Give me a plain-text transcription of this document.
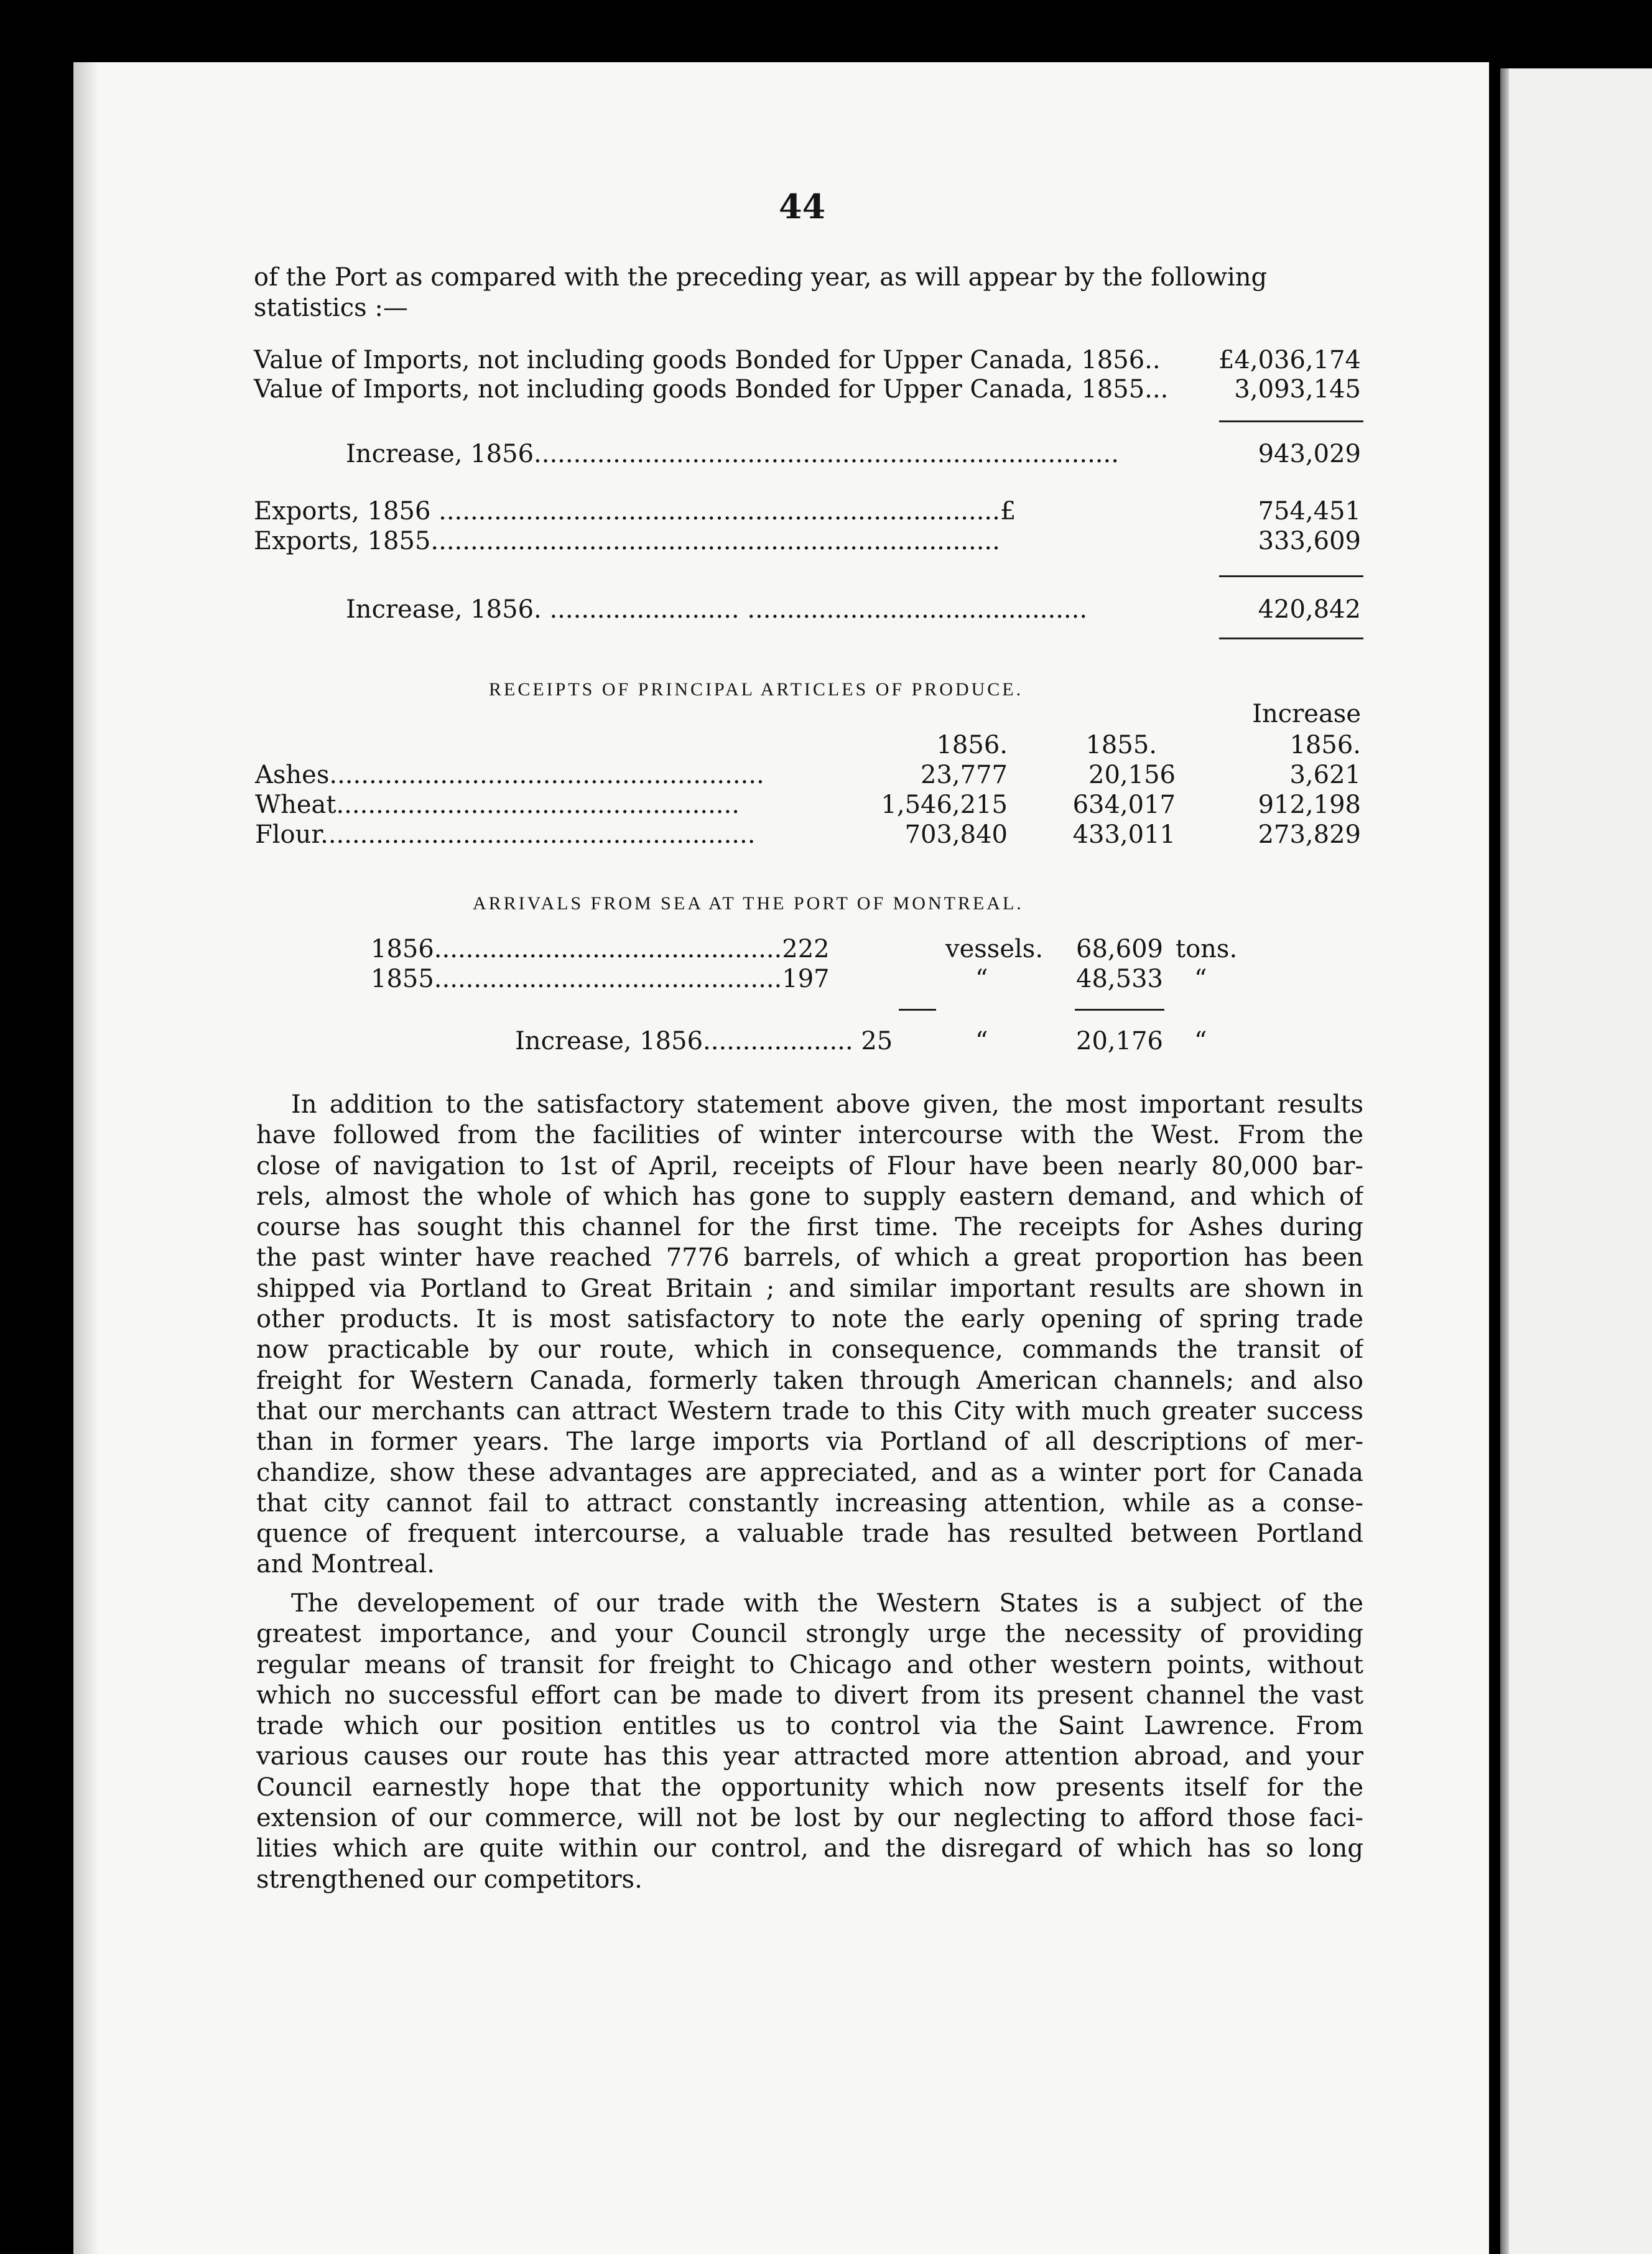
44
of the Port as compared with the preceding year, as will appear by the following
statistics :—
Value of Imports, not including goods Bonded for Upper Canada, 1856..	£4,036,174
Value of Imports, not including goods Bonded for Upper Canada, 1855...	3,093,145
Increase, 1856..........................................................................	943,029
Exports, 1856 .......................................................................£	754,451
Exports, 1855........................................................................	333,609
Increase, 1856. ........................ ...........................................	420,842
RECEIPTS OF PRINCIPAL ARTICLES OF PRODUCE.
Increase
1856.	1855.	1856.
Ashes.......................................................	23,777	20,156	3,621
Wheat...................................................	1,546,215	634,017	912,198
Flour.......................................................	703,840	433,011	273,829
ARRIVALS FROM SEA AT THE PORT OF MONTREAL.
1856............................................222	vessels.	68,609 tons.
1855............................................197	“	48,533 “
Increase, 1856................... 25	“	20,176 “
In addition to the satisfactory statement above given, the most important results
have followed from the facilities of winter intercourse with the West. From the
close of navigation to 1st of April, receipts of Flour have been nearly 80,000 bar-
rels, almost the whole of which has gone to supply eastern demand, and which of
course has sought this channel for the first time. The receipts for Ashes during
the past winter have reached 7776 barrels, of which a great proportion has been
shipped via Portland to Great Britain ; and similar important results are shown in
other products. It is most satisfactory to note the early opening of spring trade
now practicable by our route, which in consequence, commands the transit of
freight for Western Canada, formerly taken through American channels; and also
that our merchants can attract Western trade to this City with much greater success
than in former years. The large imports via Portland of all descriptions of mer-
chandize, show these advantages are appreciated, and as a winter port for Canada
that city cannot fail to attract constantly increasing attention, while as a conse-
quence of frequent intercourse, a valuable trade has resulted between Portland
and Montreal.
The developement of our trade with the Western States is a subject of the
greatest importance, and your Council strongly urge the necessity of providing
regular means of transit for freight to Chicago and other western points, without
which no successful effort can be made to divert from its present channel the vast
trade which our position entitles us to control via the Saint Lawrence. From
various causes our route has this year attracted more attention abroad, and your
Council earnestly hope that the opportunity which now presents itself for the
extension of our commerce, will not be lost by our neglecting to afford those faci-
lities which are quite within our control, and the disregard of which has so long
strengthened our competitors.
